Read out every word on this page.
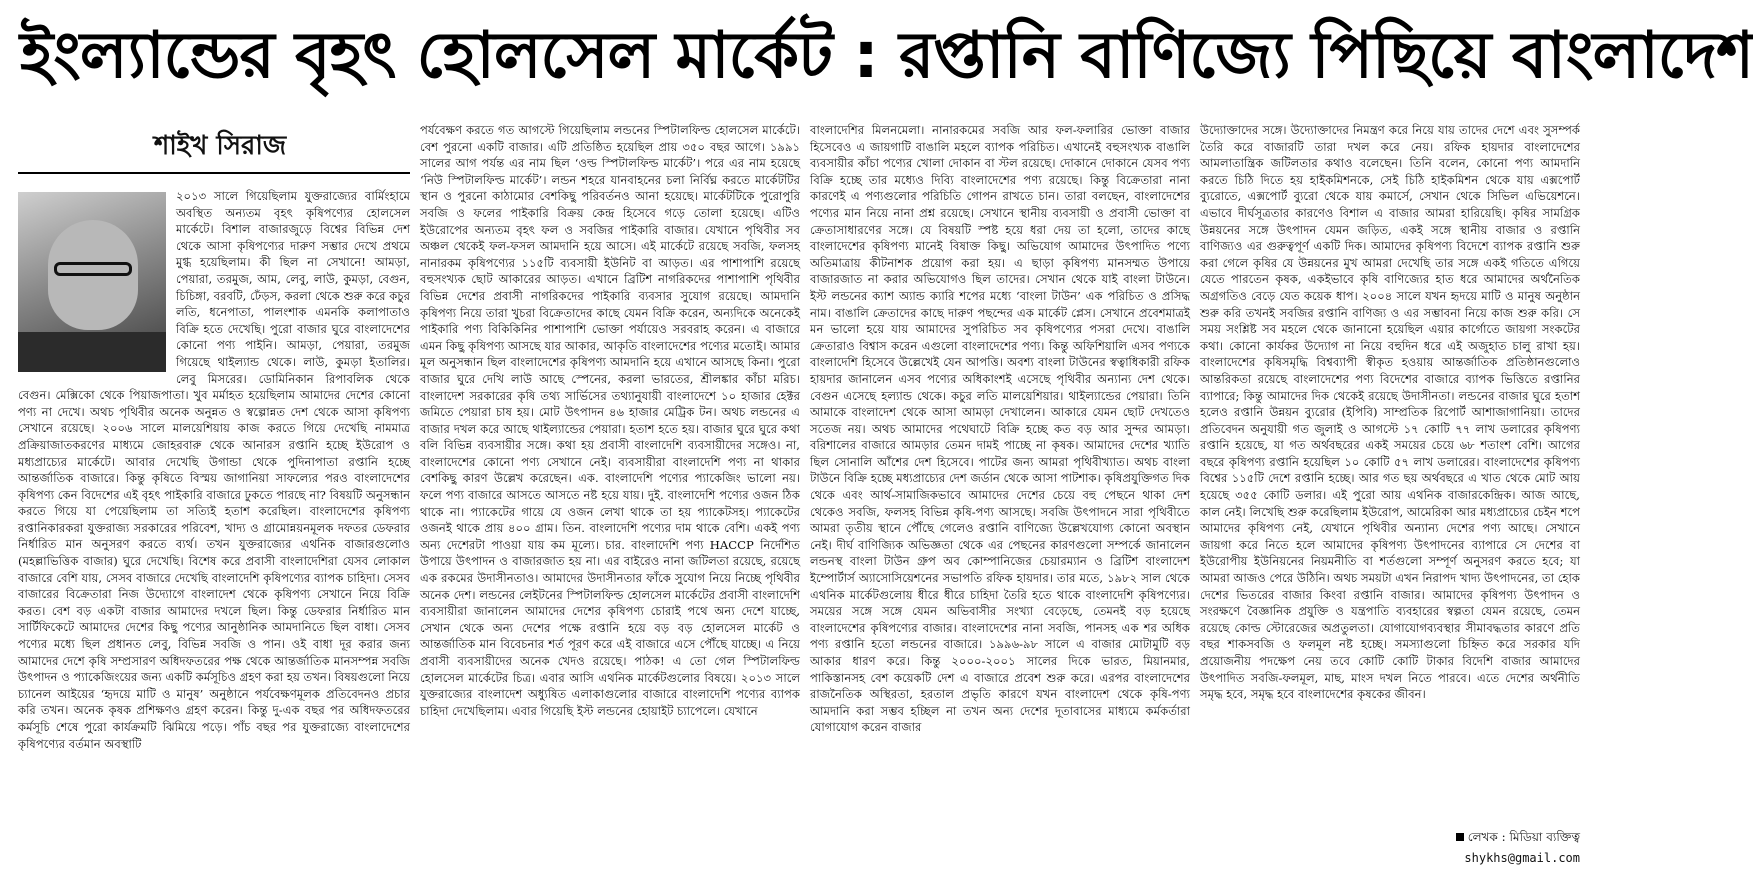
ইংল্যান্ডের বৃহৎ হোলসেল মার্কেট : রপ্তানি বাণিজ্যে পিছিয়ে বাংলাদেশ
শাইখ সিরাজ

২০১৩ সালে গিয়েছিলাম যুক্তরাজ্যের বার্মিংহামে অবস্থিত অন্যতম বৃহৎ কৃষিপণ্যের হোলসেল মার্কেটে। বিশাল বাজারজুড়ে বিশ্বের বিভিন্ন দেশ থেকে আসা কৃষিপণ্যের দারুণ সম্ভার দেখে প্রথমে মুগ্ধ হয়েছিলাম। কী ছিল না সেখানে! আমড়া, পেয়ারা, তরমুজ, আম, লেবু, লাউ, কুমড়া, বেগুন, চিচিঙ্গা, বরবটি, ঢেঁড়স, করলা থেকে শুরু করে কচুর লতি, ধনেপাতা, পালংশাক এমনকি কলাপাতাও বিক্রি হতে দেখেছি। পুরো বাজার ঘুরে বাংলাদেশের কোনো পণ্য পাইনি। আমড়া, পেয়ারা, তরমুজ গিয়েছে থাইল্যান্ড থেকে। লাউ, কুমড়া ইতালির। লেবু মিসরের। ডোমিনিকান রিপাবলিক থেকে বেগুন। মেক্সিকো থেকে পিয়াজপাতা। খুব মর্মাহত হয়েছিলাম আমাদের দেশের কোনো পণ্য না দেখে। অথচ পৃথিবীর অনেক অনুন্নত ও স্বল্পোন্নত দেশ থেকে আসা কৃষিপণ্য সেখানে রয়েছে। ২০০৬ সালে মালয়েশিয়ায় কাজ করতে গিয়ে দেখেছি নামমাত্র প্রক্রিয়াজাতকরণের মাধ্যমে জোহরবারু থেকে আনারস রপ্তানি হচ্ছে ইউরোপ ও মধ্যপ্রাচ্যের মার্কেটে। আবার দেখেছি উগান্ডা থেকে পুদিনাপাতা রপ্তানি হচ্ছে আন্তর্জাতিক বাজারে। কিন্তু কৃষিতে বিস্ময় জাগানিয়া সাফল্যের পরও বাংলাদেশের কৃষিপণ্য কেন বিদেশের এই বৃহৎ পাইকারি বাজারে ঢুকতে পারছে না? বিষয়টি অনুসন্ধান করতে গিয়ে যা পেয়েছিলাম তা সত্যিই হতাশ করেছিল। বাংলাদেশের কৃষিপণ্য রপ্তানিকারকরা যুক্তরাজ্য সরকারের পরিবেশ, খাদ্য ও গ্রামোন্নয়নমূলক দফতর ডেফরার নির্ধারিত মান অনুসরণ করতে ব্যর্থ। তখন যুক্তরাজ্যের এথনিক বাজারগুলোও (মহল্লাভিত্তিক বাজার) ঘুরে দেখেছি। বিশেষ করে প্রবাসী বাংলাদেশিরা যেসব লোকাল বাজারে বেশি যায়, সেসব বাজারে দেখেছি বাংলাদেশি কৃষিপণ্যের ব্যাপক চাহিদা। সেসব বাজারের বিক্রেতারা নিজ উদ্যোগে বাংলাদেশ থেকে কৃষিপণ্য সেখানে নিয়ে বিক্রি করত। বেশ বড় একটা বাজার আমাদের দখলে ছিল। কিন্তু ডেফরার নির্ধারিত মান সার্টিফিকেটে আমাদের দেশের কিছু পণ্যের আনুষ্ঠানিক আমদানিতে ছিল বাধা। সেসব পণ্যের মধ্যে ছিল প্রধানত লেবু, বিভিন্ন সবজি ও পান। ওই বাধা দূর করার জন্য আমাদের দেশে কৃষি সম্প্রসারণ অধিদফতরের পক্ষ থেকে আন্তর্জাতিক মানসম্পন্ন সবজি উৎপাদন ও প্যাকেজিংয়ের জন্য একটি কর্মসূচিও গ্রহণ করা হয় তখন। বিষয়গুলো নিয়ে চ্যানেল আইয়ের ‘হৃদয়ে মাটি ও মানুষ’ অনুষ্ঠানে পর্যবেক্ষণমূলক প্রতিবেদনও প্রচার করি তখন। অনেক কৃষক প্রশিক্ষণও গ্রহণ করেন। কিন্তু দু-এক বছর পর অধিদফতরের কর্মসূচি শেষে পুরো কার্যক্রমটি ঝিমিয়ে পড়ে। পাঁচ বছর পর যুক্তরাজ্যে বাংলাদেশের কৃষিপণ্যের বর্তমান অবস্থাটি

পর্যবেক্ষণ করতে গত আগস্টে গিয়েছিলাম লন্ডনের স্পিটালফিল্ড হোলসেল মার্কেটে। বেশ পুরনো একটি বাজার। এটি প্রতিষ্ঠিত হয়েছিল প্রায় ৩৫০ বছর আগে। ১৯৯১ সালের আগ পর্যন্ত এর নাম ছিল ‘ওল্ড স্পিটালফিল্ড মার্কেট’। পরে এর নাম হয়েছে ‘নিউ স্পিটালফিল্ড মার্কেট’। লন্ডন শহরে যানবাহনের চলা নির্বিঘ্ন করতে মার্কেটটির স্থান ও পুরনো কাঠামোর বেশকিছু পরিবর্তনও আনা হয়েছে। মার্কেটটিকে পুরোপুরি সবজি ও ফলের পাইকারি বিক্রয় কেন্দ্র হিসেবে গড়ে তোলা হয়েছে। এটিও ইউরোপের অন্যতম বৃহৎ ফল ও সবজির পাইকারি বাজার। যেখানে পৃথিবীর সব অঞ্চল থেকেই ফল-ফসল আমদানি হয়ে আসে। এই মার্কেটে রয়েছে সবজি, ফলসহ নানারকম কৃষিপণ্যের ১১৫টি ব্যবসায়ী ইউনিট বা আড়ত। এর পাশাপাশি রয়েছে বহুসংখ্যক ছোট আকারের আড়ত। এখানে ব্রিটিশ নাগরিকদের পাশাপাশি পৃথিবীর বিভিন্ন দেশের প্রবাসী নাগরিকদের পাইকারি ব্যবসার সুযোগ রয়েছে। আমদানি কৃষিপণ্য নিয়ে তারা খুচরা বিক্রেতাদের কাছে যেমন বিক্রি করেন, অন্যদিকে অনেকেই পাইকারি পণ্য বিকিকিনির পাশাপাশি ভোক্তা পর্যায়েও সরবরাহ করেন। এ বাজারে এমন কিছু কৃষিপণ্য আসছে যার আকার, আকৃতি বাংলাদেশের পণ্যের মতোই। আমার মূল অনুসন্ধান ছিল বাংলাদেশের কৃষিপণ্য আমদানি হয়ে এখানে আসছে কিনা। পুরো বাজার ঘুরে দেখি লাউ আছে স্পেনের, করলা ভারতের, শ্রীলঙ্কার কাঁচা মরিচ। বাংলাদেশ সরকারের কৃষি তথ্য সার্ভিসের তথ্যানুযায়ী বাংলাদেশে ১০ হাজার হেক্টর জমিতে পেয়ারা চাষ হয়। মোট উৎপাদন ৪৬ হাজার মেট্রিক টন। অথচ লন্ডনের এ বাজার দখল করে আছে থাইল্যান্ডের পেয়ারা। হতাশ হতে হয়। বাজার ঘুরে ঘুরে কথা বলি বিভিন্ন ব্যবসায়ীর সঙ্গে। কথা হয় প্রবাসী বাংলাদেশি ব্যবসায়ীদের সঙ্গেও। না, বাংলাদেশের কোনো পণ্য সেখানে নেই। ব্যবসায়ীরা বাংলাদেশি পণ্য না থাকার বেশকিছু কারণ উল্লেখ করেছেন। এক. বাংলাদেশি পণ্যের প্যাকেজিং ভালো নয়। ফলে পণ্য বাজারে আসতে আসতে নষ্ট হয়ে যায়। দুই. বাংলাদেশি পণ্যের ওজন ঠিক থাকে না। প্যাকেটের গায়ে যে ওজন লেখা থাকে তা হয় প্যাকেটসহ। প্যাকেটের ওজনই থাকে প্রায় ৪০০ গ্রাম। তিন. বাংলাদেশি পণ্যের দাম থাকে বেশি। একই পণ্য অন্য দেশেরটা পাওয়া যায় কম মূল্যে। চার. বাংলাদেশি পণ্য HACCP নির্দেশিত উপায়ে উৎপাদন ও বাজারজাত হয় না। এর বাইরেও নানা জটিলতা রয়েছে, রয়েছে এক রকমের উদাসীনতাও। আমাদের উদাসীনতার ফাঁকে সুযোগ নিয়ে নিচ্ছে পৃথিবীর অনেক দেশ। লন্ডনের লেইটনের স্পিটালফিল্ড হোলসেল মার্কেটের প্রবাসী বাংলাদেশি ব্যবসায়ীরা জানালেন আমাদের দেশের কৃষিপণ্য চোরাই পথে অন্য দেশে যাচ্ছে, সেখান থেকে অন্য দেশের পক্ষে রপ্তানি হয়ে বড় বড় হোলসেল মার্কেট ও আন্তর্জাতিক মান বিবেচনার শর্ত পূরণ করে এই বাজারে এসে পৌঁছে যাচ্ছে। এ নিয়ে প্রবাসী ব্যবসায়ীদের অনেক খেদও রয়েছে। পাঠক! এ তো গেল স্পিটালফিল্ড হোলসেল মার্কেটের চিত্র। এবার আসি এথনিক মার্কেটগুলোর বিষয়ে। ২০১৩ সালে যুক্তরাজ্যের বাংলাদেশ অধ্যুষিত এলাকাগুলোর বাজারে বাংলাদেশি পণ্যের ব্যাপক চাহিদা দেখেছিলাম। এবার গিয়েছি ইস্ট লন্ডনের হোয়াইট চ্যাপেলে। যেখানে

বাংলাদেশির মিলনমেলা। নানারকমের সবজি আর ফল-ফলারির ভোক্তা বাজার হিসেবেও এ জায়গাটি বাঙালি মহলে ব্যাপক পরিচিত। এখানেই বহুসংখ্যক বাঙালি ব্যবসায়ীর কাঁচা পণ্যের খোলা দোকান বা স্টল রয়েছে। দোকানে দোকানে যেসব পণ্য বিক্রি হচ্ছে তার মধ্যেও দিব্যি বাংলাদেশের পণ্য রয়েছে। কিন্তু বিক্রেতারা নানা কারণেই এ পণ্যগুলোর পরিচিতি গোপন রাখতে চান। তারা বলছেন, বাংলাদেশের পণ্যের মান নিয়ে নানা প্রশ্ন রয়েছে। সেখানে স্থানীয় ব্যবসায়ী ও প্রবাসী ভোক্তা বা ক্রেতাসাধারণের সঙ্গে। যে বিষয়টি স্পষ্ট হয়ে ধরা দেয় তা হলো, তাদের কাছে বাংলাদেশের কৃষিপণ্য মানেই বিষাক্ত কিছু। অভিযোগ আমাদের উৎপাদিত পণ্যে অতিমাত্রায় কীটনাশক প্রয়োগ করা হয়। এ ছাড়া কৃষিপণ্য মানসম্মত উপায়ে বাজারজাত না করার অভিযোগও ছিল তাদের। সেখান থেকে যাই বাংলা টাউনে। ইস্ট লন্ডনের ক্যাশ অ্যান্ড ক্যারি শপের মধ্যে ‘বাংলা টাউন’ এক পরিচিত ও প্রসিদ্ধ নাম। বাঙালি ক্রেতাদের কাছে দারুণ পছন্দের এক মার্কেট প্লেস। সেখানে প্রবেশমাত্রই মন ভালো হয়ে যায় আমাদের সুপরিচিত সব কৃষিপণ্যের পসরা দেখে। বাঙালি ক্রেতারাও বিশ্বাস করেন এগুলো বাংলাদেশের পণ্য। কিন্তু অফিশিয়ালি এসব পণ্যকে বাংলাদেশি হিসেবে উল্লেখেই যেন আপত্তি। অবশ্য বাংলা টাউনের স্বত্বাধিকারী রফিক হায়দার জানালেন এসব পণ্যের অধিকাংশই এসেছে পৃথিবীর অন্যান্য দেশ থেকে। বেগুন এসেছে হল্যান্ড থেকে। কচুর লতি মালয়েশিয়ার। থাইল্যান্ডের পেয়ারা। তিনি আমাকে বাংলাদেশ থেকে আসা আমড়া দেখালেন। আকারে যেমন ছোট দেখতেও সতেজ নয়। অথচ আমাদের পথেঘাটে বিক্রি হচ্ছে কত বড় আর সুন্দর আমড়া। বরিশালের বাজারে আমড়ার তেমন দামই পাচ্ছে না কৃষক। আমাদের দেশের খ্যাতি ছিল সোনালি আঁশের দেশ হিসেবে। পাটের জন্য আমরা পৃথিবীখ্যাত। অথচ বাংলা টাউনে বিক্রি হচ্ছে মধ্যপ্রাচ্যের দেশ জর্ডান থেকে আসা পাটশাক। কৃষিপ্রযুক্তিগত দিক থেকে এবং আর্থ-সামাজিকভাবে আমাদের দেশের চেয়ে বহু পেছনে থাকা দেশ থেকেও সবজি, ফলসহ বিভিন্ন কৃষি-পণ্য আসছে। সবজি উৎপাদনে সারা পৃথিবীতে আমরা তৃতীয় স্থানে পৌঁছে গেলেও রপ্তানি বাণিজ্যে উল্লেখযোগ্য কোনো অবস্থান নেই। দীর্ঘ বাণিজ্যিক অভিজ্ঞতা থেকে এর পেছনের কারণগুলো সম্পর্কে জানালেন লন্ডনস্থ বাংলা টাউন গ্রুপ অব কোম্পানিজের চেয়ারম্যান ও ব্রিটিশ বাংলাদেশ ইম্পোর্টার্স অ্যাসোসিয়েশনের সভাপতি রফিক হায়দার। তার মতে, ১৯৮২ সাল থেকে এথনিক মার্কেটগুলোয় ধীরে ধীরে চাহিদা তৈরি হতে থাকে বাংলাদেশি কৃষিপণ্যের। সময়ের সঙ্গে সঙ্গে যেমন অভিবাসীর সংখ্যা বেড়েছে, তেমনই বড় হয়েছে বাংলাদেশের কৃষিপণ্যের বাজার। বাংলাদেশের নানা সবজি, পানসহ এক শর অধিক পণ্য রপ্তানি হতো লন্ডনের বাজারে। ১৯৯৬-৯৮ সালে এ বাজার মোটামুটি বড় আকার ধারণ করে। কিন্তু ২০০০-২০০১ সালের দিকে ভারত, মিয়ানমার, পাকিস্তানসহ বেশ কয়েকটি দেশ এ বাজারে প্রবেশ শুরু করে। এরপর বাংলাদেশের রাজনৈতিক অস্থিরতা, হরতাল প্রভৃতি কারণে যখন বাংলাদেশ থেকে কৃষি-পণ্য আমদানি করা সম্ভব হচ্ছিল না তখন অন্য দেশের দূতাবাসের মাধ্যমে কর্মকর্তারা যোগাযোগ করেন বাজার

উদ্যোক্তাদের সঙ্গে। উদ্যোক্তাদের নিমন্ত্রণ করে নিয়ে যায় তাদের দেশে এবং সুসম্পর্ক তৈরি করে বাজারটি তারা দখল করে নেয়। রফিক হায়দার বাংলাদেশের আমলাতান্ত্রিক জটিলতার কথাও বলেছেন। তিনি বলেন, কোনো পণ্য আমদানি করতে চিঠি দিতে হয় হাইকমিশনকে, সেই চিঠি হাইকমিশন থেকে যায় এক্সপোর্ট ব্যুরোতে, এক্সপোর্ট ব্যুরো থেকে যায় কমার্সে, সেখান থেকে সিভিল এভিয়েশনে। এভাবে দীর্ঘসূত্রতার কারণেও বিশাল এ বাজার আমরা হারিয়েছি। কৃষির সামগ্রিক উন্নয়নের সঙ্গে উৎপাদন যেমন জড়িত, একই সঙ্গে স্থানীয় বাজার ও রপ্তানি বাণিজ্যও এর গুরুত্বপূর্ণ একটি দিক। আমাদের কৃষিপণ্য বিদেশে ব্যাপক রপ্তানি শুরু করা গেলে কৃষির যে উন্নয়নের মুখ আমরা দেখেছি তার সঙ্গে একই গতিতে এগিয়ে যেতে পারতেন কৃষক, একইভাবে কৃষি বাণিজ্যের হাত ধরে আমাদের অর্থনৈতিক অগ্রগতিও বেড়ে যেত কয়েক ধাপ। ২০০৪ সালে যখন হৃদয়ে মাটি ও মানুষ অনুষ্ঠান শুরু করি তখনই সবজির রপ্তানি বাণিজ্য ও এর সম্ভাবনা নিয়ে কাজ শুরু করি। সে সময় সংশ্লিষ্ট সব মহলে থেকে জানানো হয়েছিল এয়ার কার্গোতে জায়গা সংকটের কথা। কোনো কার্যকর উদ্যোগ না নিয়ে বহুদিন ধরে এই অজুহাত চালু রাখা হয়। বাংলাদেশের কৃষিসমৃদ্ধি বিশ্বব্যাপী স্বীকৃত হওয়ায় আন্তর্জাতিক প্রতিষ্ঠানগুলোও আন্তরিকতা রয়েছে বাংলাদেশের পণ্য বিদেশের বাজারে ব্যাপক ভিত্তিতে রপ্তানির ব্যাপারে; কিন্তু আমাদের দিক থেকেই রয়েছে উদাসীনতা। লন্ডনের বাজার ঘুরে হতাশ হলেও রপ্তানি উন্নয়ন ব্যুরোর (ইপিবি) সাম্প্রতিক রিপোর্ট আশাজাগানিয়া। তাদের প্রতিবেদন অনুযায়ী গত জুলাই ও আগস্টে ১৭ কোটি ৭৭ লাখ ডলারের কৃষিপণ্য রপ্তানি হয়েছে, যা গত অর্থবছরের একই সময়ের চেয়ে ৬৮ শতাংশ বেশি। আগের বছরে কৃষিপণ্য রপ্তানি হয়েছিল ১০ কোটি ৫৭ লাখ ডলারের। বাংলাদেশের কৃষিপণ্য বিশ্বের ১১৫টি দেশে রপ্তানি হচ্ছে। আর গত ছয় অর্থবছরে এ খাত থেকে মোট আয় হয়েছে ৩৫৫ কোটি ডলার। এই পুরো আয় এথনিক বাজারকেন্দ্রিক। আজ আছে, কাল নেই। লিখেছি শুরু করেছিলাম ইউরোপ, আমেরিকা আর মধ্যপ্রাচ্যের চেইন শপে আমাদের কৃষিপণ্য নেই, যেখানে পৃথিবীর অন্যান্য দেশের পণ্য আছে। সেখানে জায়গা করে নিতে হলে আমাদের কৃষিপণ্য উৎপাদনের ব্যাপারে সে দেশের বা ইউরোপীয় ইউনিয়নের নিয়মনীতি বা শর্তগুলো সম্পূর্ণ অনুসরণ করতে হবে; যা আমরা আজও পেরে উঠিনি। অথচ সময়টা এখন নিরাপদ খাদ্য উৎপাদনের, তা হোক দেশের ভিতরের বাজার কিংবা রপ্তানি বাজার। আমাদের কৃষিপণ্য উৎপাদন ও সংরক্ষণে বৈজ্ঞানিক প্রযুক্তি ও যন্ত্রপাতি ব্যবহারের স্বল্পতা যেমন রয়েছে, তেমন রয়েছে কোল্ড স্টোরেজের অপ্রতুলতা। যোগাযোগব্যবস্থার সীমাবদ্ধতার কারণে প্রতি বছর শাকসবজি ও ফলমূল নষ্ট হচ্ছে। সমস্যাগুলো চিহ্নিত করে সরকার যদি প্রয়োজনীয় পদক্ষেপ নেয় তবে কোটি কোটি টাকার বিদেশি বাজার আমাদের উৎপাদিত সবজি-ফলমূল, মাছ, মাংস দখল নিতে পারবে। এতে দেশের অর্থনীতি সমৃদ্ধ হবে, সমৃদ্ধ হবে বাংলাদেশের কৃষকের জীবন।

লেখক : মিডিয়া ব্যক্তিত্ব
shykhs@gmail.com
